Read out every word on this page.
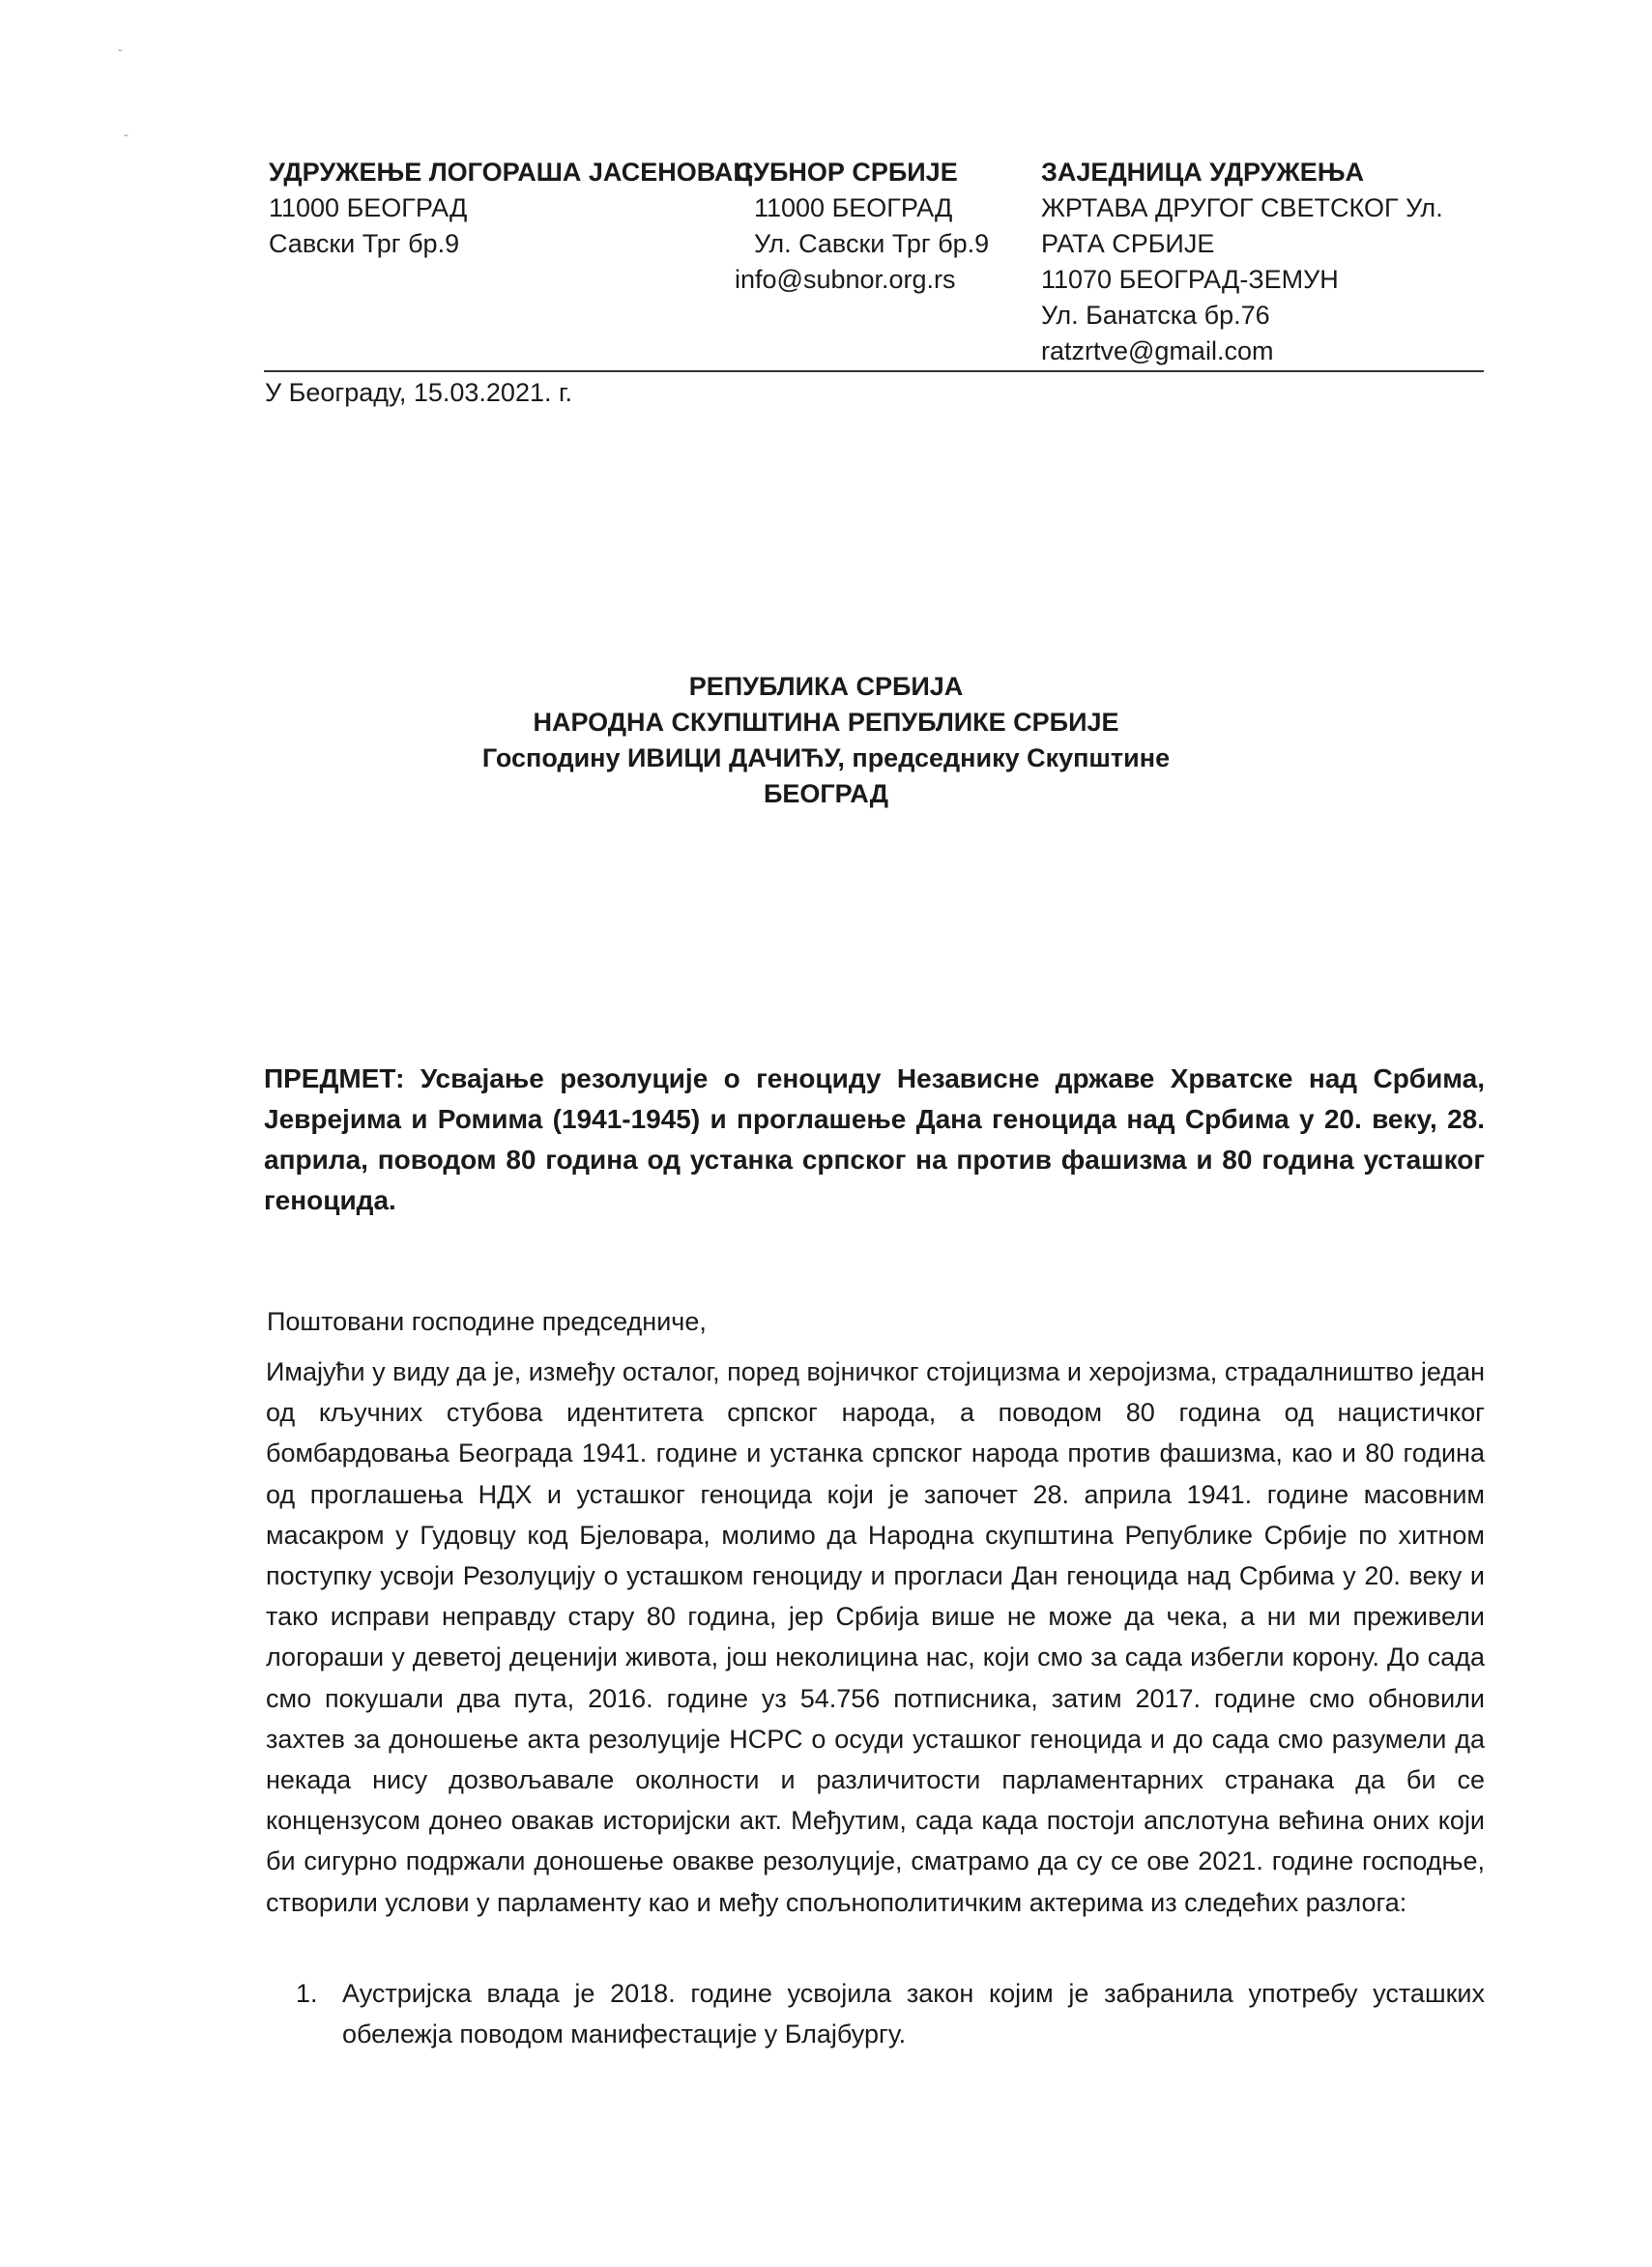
ˇ
ˇ
УДРУЖЕЊЕ ЛОГОРАША ЈАСЕНОВАЦ
11000 БЕОГРАД
Савски Трг бр.9
СУБНОР СРБИЈЕ
11000 БЕОГРАД
Ул. Савски Трг бр.9
info@subnor.org.rs
ЗАЈЕДНИЦА УДРУЖЕЊА
ЖРТАВА ДРУГОГ СВЕТСКОГ Ул.
РАТА СРБИЈЕ
11070 БЕОГРАД-ЗЕМУН
Ул. Банатска бр.76
ratzrtve@gmail.com
У Београду, 15.03.2021. г.
РЕПУБЛИКА СРБИЈА
НАРОДНА СКУПШТИНА РЕПУБЛИКЕ СРБИЈЕ
Господину ИВИЦИ ДАЧИЋУ, председнику Скупштине
БЕОГРАД
ПРЕДМЕТ: Усвајање резолуције о геноциду Независне државе Хрватске над Србима, Јеврејима и Ромима (1941-1945) и проглашење Дана геноцида над Србима у 20. веку, 28. априла, поводом 80 година од устанка српског на против фашизма и 80 година усташког геноцида.
Поштовани господине председниче,
Имајући у виду да је, између осталог, поред војничког стојицизма и херојизма, страдалништво један од кључних стубова идентитета српског народа, а поводом 80 година од нацистичког бомбардовања Београда 1941. године и устанка српског народа против фашизма, као и 80 година од проглашења НДХ и усташког геноцида који је започет 28. априла 1941. године масовним масакром у Гудовцу код Бјеловара, молимо да Народна скупштина Републике Србије по хитном поступку усвоји Резолуцију о усташком геноциду и прогласи Дан геноцида над Србима у 20. веку и тако исправи неправду стару 80 година, јер Србија више не може да чека, а ни ми преживели логораши у деветој деценији живота, још неколицина нас, који смо за сада избегли корону. До сада смо покушали два пута, 2016. године уз 54.756 потписника, затим 2017. године смо обновили захтев за доношење акта резолуције НСРС о осуди усташког геноцида и до сада смо разумели да некада нису дозвољавале околности и различитости парламентарних странака да би се концензусом донео овакав историјски акт. Међутим, сада када постоји апслотуна већина оних који би сигурно подржали доношење овакве резолуције, сматрамо да су се ове 2021. године господње, створили услови у парламенту као и међу спољнополитичким актерима из следећих разлога:
1. Аустријска влада је 2018. године усвојила закон којим је забранила употребу усташких обележја поводом манифестације у Блајбургу.
